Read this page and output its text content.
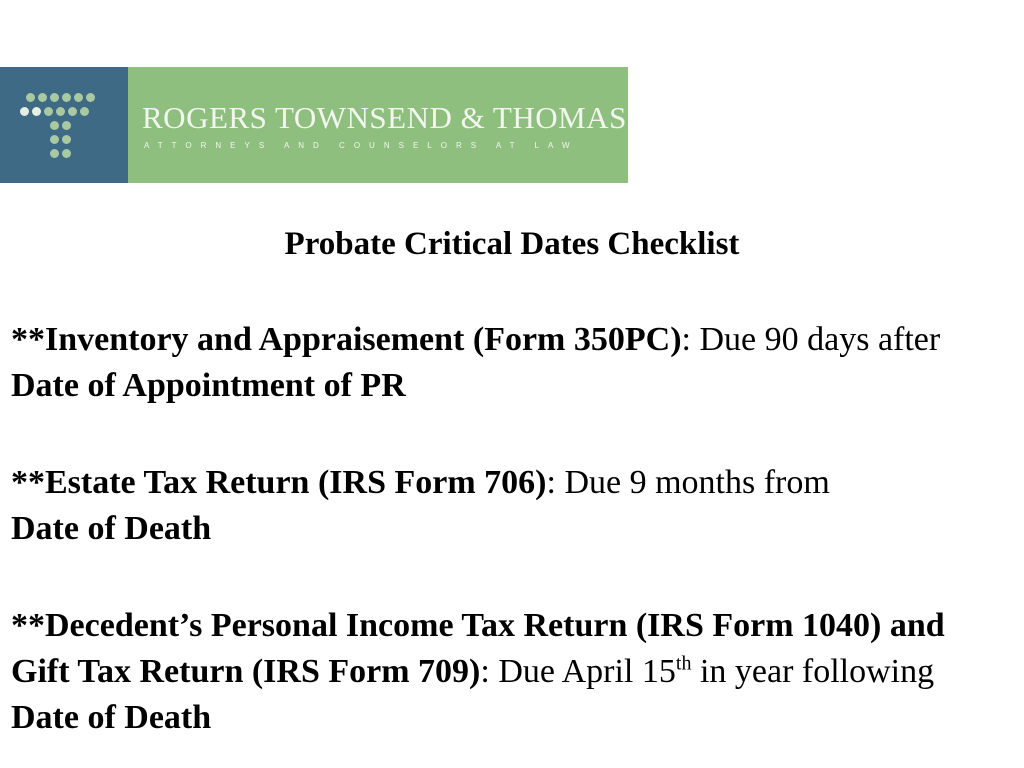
ROGERS TOWNSEND & THOMAS
ATTORNEYS AND COUNSELORS AT LAW
Probate Critical Dates Checklist

**Inventory and Appraisement (Form 350PC): Due 90 days after Date of Appointment of PR

**Estate Tax Return (IRS Form 706): Due 9 months from
Date of Death

**Decedent’s Personal Income Tax Return (IRS Form 1040) and Gift Tax Return (IRS Form 709): Due April 15th in year following Date of Death
